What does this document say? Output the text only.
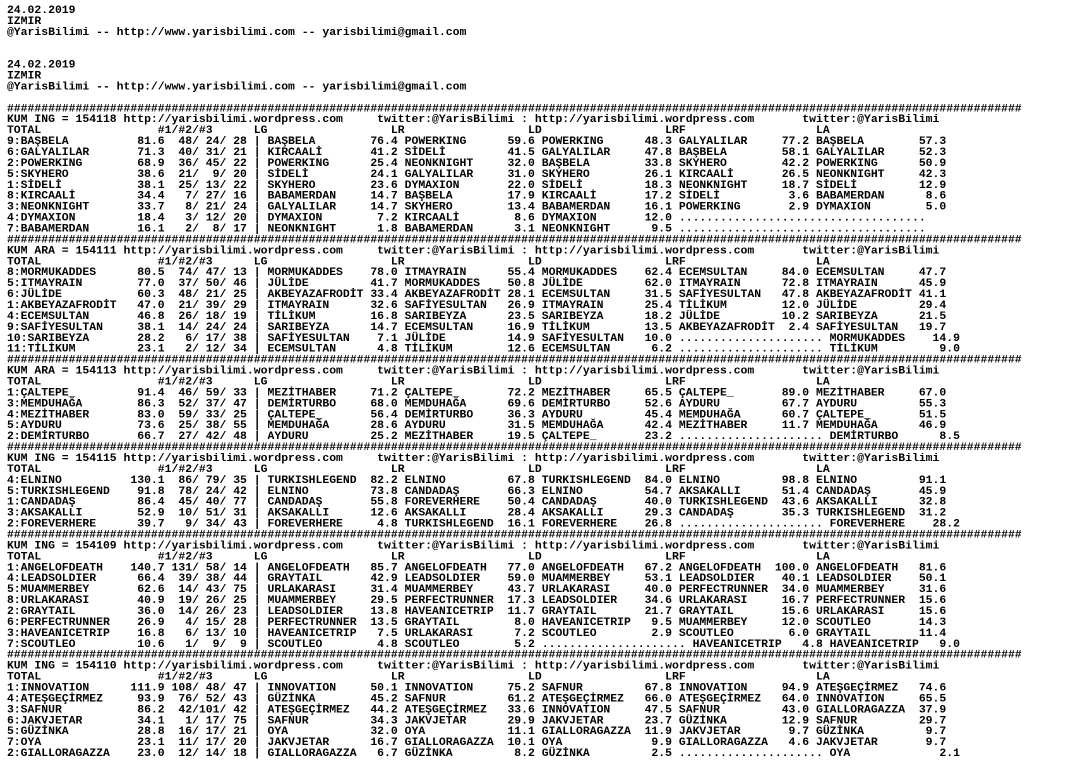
24.02.2019
IZMIR
@YarisBilimi -- http://www.yarisbilimi.com -- yarisbilimi@gmail.com

24.02.2019
IZMIR
@YarisBilimi -- http://www.yarisbilimi.com -- yarisbilimi@gmail.com

####################################################################################################################################################
KUM ING = 154118 http://yarisbilimi.wordpress.com     twitter:@YarisBilimi : http://yarisbilimi.wordpress.com       twitter:@YarisBilimi
TOTAL                 #1/#2/#3      LG                  LR                  LD                  LRF                   LA
9:BAŞBELA          81.6  48/ 24/ 28 | BAŞBELA        76.4 POWERKING      59.6 POWERKING      48.3 GALYALILAR     77.2 BAŞBELA        57.3
6:GALYALILAR       71.3  40/ 31/ 21 | KIRCAALİ       41.2 SİDELİ         41.5 GALYALILAR     47.8 BAŞBELA        58.1 GALYALILAR     52.3
2:POWERKING        68.9  36/ 45/ 22 | POWERKING      25.4 NEONKNIGHT     32.0 BAŞBELA        33.8 SKYHERO        42.2 POWERKING      50.9
5:SKYHERO          38.6  21/  9/ 20 | SİDELİ         24.1 GALYALILAR     31.0 SKYHERO        26.1 KIRCAALİ       26.5 NEONKNIGHT     42.3
1:SİDELİ           38.1  25/ 13/ 22 | SKYHERO        23.6 DYMAXION       22.0 SİDELİ         18.3 NEONKNIGHT     18.7 SİDELİ         12.9
8:KIRCAALİ         34.4   7/ 27/ 16 | BABAMERDAN     14.7 BAŞBELA        17.9 KIRCAALİ       17.2 SİDELİ          3.6 BABAMERDAN      8.6
3:NEONKNIGHT       33.7   8/ 21/ 24 | GALYALILAR     14.7 SKYHERO        13.4 BABAMERDAN     16.1 POWERKING       2.9 DYMAXION        5.0
4:DYMAXION         18.4   3/ 12/ 20 | DYMAXION        7.2 KIRCAALİ        8.6 DYMAXION       12.0 ....................................
7:BABAMERDAN       16.1   2/  8/ 17 | NEONKNIGHT      1.8 BABAMERDAN      3.1 NEONKNIGHT      9.5 ....................................
####################################################################################################################################################
KUM ARA = 154111 http://yarisbilimi.wordpress.com     twitter:@YarisBilimi : http://yarisbilimi.wordpress.com       twitter:@YarisBilimi
TOTAL                 #1/#2/#3      LG                  LR                  LD                  LRF                   LA
8:MORMUKADDES      80.5  74/ 47/ 13 | MORMUKADDES    78.0 ITMAYRAIN      55.4 MORMUKADDES    62.4 ECEMSULTAN     84.0 ECEMSULTAN     47.7
5:ITMAYRAIN        77.0  37/ 50/ 46 | JÜLİDE         41.7 MORMUKADDES    50.8 JÜLİDE         62.0 ITMAYRAIN      72.8 ITMAYRAIN      45.9
6:JÜLİDE           60.3  48/ 21/ 25 | AKBEYAZAFRODİT 33.4 AKBEYAZAFRODİT 28.1 ECEMSULTAN     31.5 SAFİYESULTAN   47.8 AKBEYAZAFRODİT 41.1
1:AKBEYAZAFRODİT   47.0  21/ 39/ 29 | ITMAYRAIN      32.6 SAFİYESULTAN   26.9 ITMAYRAIN      25.4 TİLİKUM        12.0 JÜLİDE         29.4
4:ECEMSULTAN       46.8  26/ 18/ 19 | TİLİKUM        16.8 SARIBEYZA      23.5 SARIBEYZA      18.2 JÜLİDE         10.2 SARIBEYZA      21.5
9:SAFİYESULTAN     38.1  14/ 24/ 24 | SARIBEYZA      14.7 ECEMSULTAN     16.9 TİLİKUM        13.5 AKBEYAZAFRODİT  2.4 SAFİYESULTAN   19.7
10:SARIBEYZA       28.2   6/ 17/ 38 | SAFİYESULTAN    7.1 JÜLİDE         14.9 SAFİYESULTAN   10.0 ..................... MORMUKADDES    14.9
11:TİLİKUM         23.1   2/ 12/ 34 | ECEMSULTAN      4.8 TİLİKUM        12.6 ECEMSULTAN      6.2 ..................... TİLİKUM         9.0
####################################################################################################################################################
KUM ARA = 154113 http://yarisbilimi.wordpress.com     twitter:@YarisBilimi : http://yarisbilimi.wordpress.com       twitter:@YarisBilimi
TOTAL                 #1/#2/#3      LG                  LR                  LD                  LRF                   LA
1:ÇALTEPE_         91.4  46/ 59/ 33 | MEZİTHABER     71.2 ÇALTEPE_       72.2 MEZİTHABER     65.5 ÇALTEPE_       89.0 MEZİTHABER     67.0
3:MEMDUHAĞA        86.3  52/ 37/ 47 | DEMİRTURBO     68.0 MEMDUHAĞA      69.6 DEMİRTURBO     52.6 AYDURU         67.7 AYDURU         55.3
4:MEZİTHABER       83.0  59/ 33/ 25 | ÇALTEPE_       56.4 DEMİRTURBO     36.3 AYDURU         45.4 MEMDUHAĞA      60.7 ÇALTEPE_       51.5
5:AYDURU           73.6  25/ 38/ 55 | MEMDUHAĞA      28.6 AYDURU         31.5 MEMDUHAĞA      42.4 MEZİTHABER     11.7 MEMDUHAĞA      46.9
2:DEMİRTURBO       66.7  27/ 42/ 48 | AYDURU         25.2 MEZİTHABER     19.5 ÇALTEPE_       23.2 ..................... DEMİRTURBO      8.5
####################################################################################################################################################
KUM ING = 154115 http://yarisbilimi.wordpress.com     twitter:@YarisBilimi : http://yarisbilimi.wordpress.com       twitter:@YarisBilimi
TOTAL                 #1/#2/#3      LG                  LR                  LD                  LRF                   LA
4:ELNINO          130.1  86/ 79/ 35 | TURKISHLEGEND  82.2 ELNINO         67.8 TURKISHLEGEND  84.0 ELNINO         98.8 ELNINO         91.1
5:TURKISHLEGEND    91.8  78/ 24/ 42 | ELNINO         73.8 CANDADAŞ       66.3 ELNINO         54.7 AKSAKALLI      51.4 CANDADAŞ       45.9
1:CANDADAŞ         86.4  45/ 40/ 77 | CANDADAŞ       55.8 FOREVERHERE    50.4 CANDADAŞ       40.0 TURKISHLEGEND  43.6 AKSAKALLI      32.8
3:AKSAKALLI        52.9  10/ 51/ 31 | AKSAKALLI      12.6 AKSAKALLI      28.4 AKSAKALLI      29.3 CANDADAŞ       35.3 TURKISHLEGEND  31.2
2:FOREVERHERE      39.7   9/ 34/ 43 | FOREVERHERE     4.8 TURKISHLEGEND  16.1 FOREVERHERE    26.8 ..................... FOREVERHERE    28.2
####################################################################################################################################################
KUM ING = 154109 http://yarisbilimi.wordpress.com     twitter:@YarisBilimi : http://yarisbilimi.wordpress.com       twitter:@YarisBilimi
TOTAL                 #1/#2/#3      LG                  LR                  LD                  LRF                   LA
1:ANGELOFDEATH    140.7 131/ 58/ 14 | ANGELOFDEATH   85.7 ANGELOFDEATH   77.0 ANGELOFDEATH   67.2 ANGELOFDEATH  100.0 ANGELOFDEATH   81.6
4:LEADSOLDIER      66.4  39/ 38/ 44 | GRAYTAIL       42.9 LEADSOLDIER    59.0 MUAMMERBEY     53.1 LEADSOLDIER    40.1 LEADSOLDIER    50.1
5:MUAMMERBEY       62.6  14/ 43/ 75 | URLAKARASI     31.4 MUAMMERBEY     43.7 URLAKARASI     40.0 PERFECTRUNNER  34.0 MUAMMERBEY     31.6
8:URLAKARASI       40.9  19/ 26/ 25 | MUAMMERBEY     29.5 PERFECTRUNNER  17.3 LEADSOLDIER    34.6 URLAKARASI     16.7 PERFECTRUNNER  15.6
2:GRAYTAIL         36.0  14/ 26/ 23 | LEADSOLDIER    13.8 HAVEANICETRIP  11.7 GRAYTAIL       21.7 GRAYTAIL       15.6 URLAKARASI     15.6
6:PERFECTRUNNER    26.9   4/ 15/ 28 | PERFECTRUNNER  13.5 GRAYTAIL        8.0 HAVEANICETRIP   9.5 MUAMMERBEY     12.0 SCOUTLEO       14.3
3:HAVEANICETRIP    16.8   6/ 13/ 10 | HAVEANICETRIP   7.5 URLAKARASI      7.2 SCOUTLEO        2.9 SCOUTLEO        6.0 GRAYTAIL       11.4
7:SCOUTLEO         10.6   1/  9/  9 | SCOUTLEO        4.8 SCOUTLEO        5.2 ..................... HAVEANICETRIP   4.8 HAVEANICETRIP   9.0
####################################################################################################################################################
KUM ING = 154110 http://yarisbilimi.wordpress.com     twitter:@YarisBilimi : http://yarisbilimi.wordpress.com       twitter:@YarisBilimi
TOTAL                 #1/#2/#3      LG                  LR                  LD                  LRF                   LA
1:INNOVATION      111.9 108/ 48/ 47 | INNOVATION     50.1 INNOVATION     75.2 SAFNUR         67.8 INNOVATION     94.9 ATEŞGEÇİRMEZ   74.6
4:ATEŞGEÇİRMEZ     93.9  76/ 52/ 43 | GÜZİNKA        45.2 SAFNUR         61.2 ATEŞGEÇİRMEZ   66.0 ATEŞGEÇİRMEZ   64.0 INNOVATION     65.5
3:SAFNUR           86.2  42/101/ 42 | ATEŞGEÇİRMEZ   44.2 ATEŞGEÇİRMEZ   33.6 INNOVATION     47.5 SAFNUR         43.0 GIALLORAGAZZA  37.9
6:JAKVJETAR        34.1   1/ 17/ 75 | SAFNUR         34.3 JAKVJETAR      29.9 JAKVJETAR      23.7 GÜZİNKA        12.9 SAFNUR         29.7
5:GÜZİNKA          28.8  16/ 17/ 21 | OYA            32.0 OYA            11.1 GIALLORAGAZZA  11.9 JAKVJETAR       9.7 GÜZİNKA         9.7
7:OYA              23.1  11/ 17/ 20 | JAKVJETAR      16.7 GIALLORAGAZZA  10.1 OYA             9.9 GIALLORAGAZZA   4.6 JAKVJETAR       9.7
2:GIALLORAGAZZA    23.0  12/ 14/ 18 | GIALLORAGAZZA   6.7 GÜZİNKA         8.2 GÜZİNKA         2.5 ..................... OYA             2.1
